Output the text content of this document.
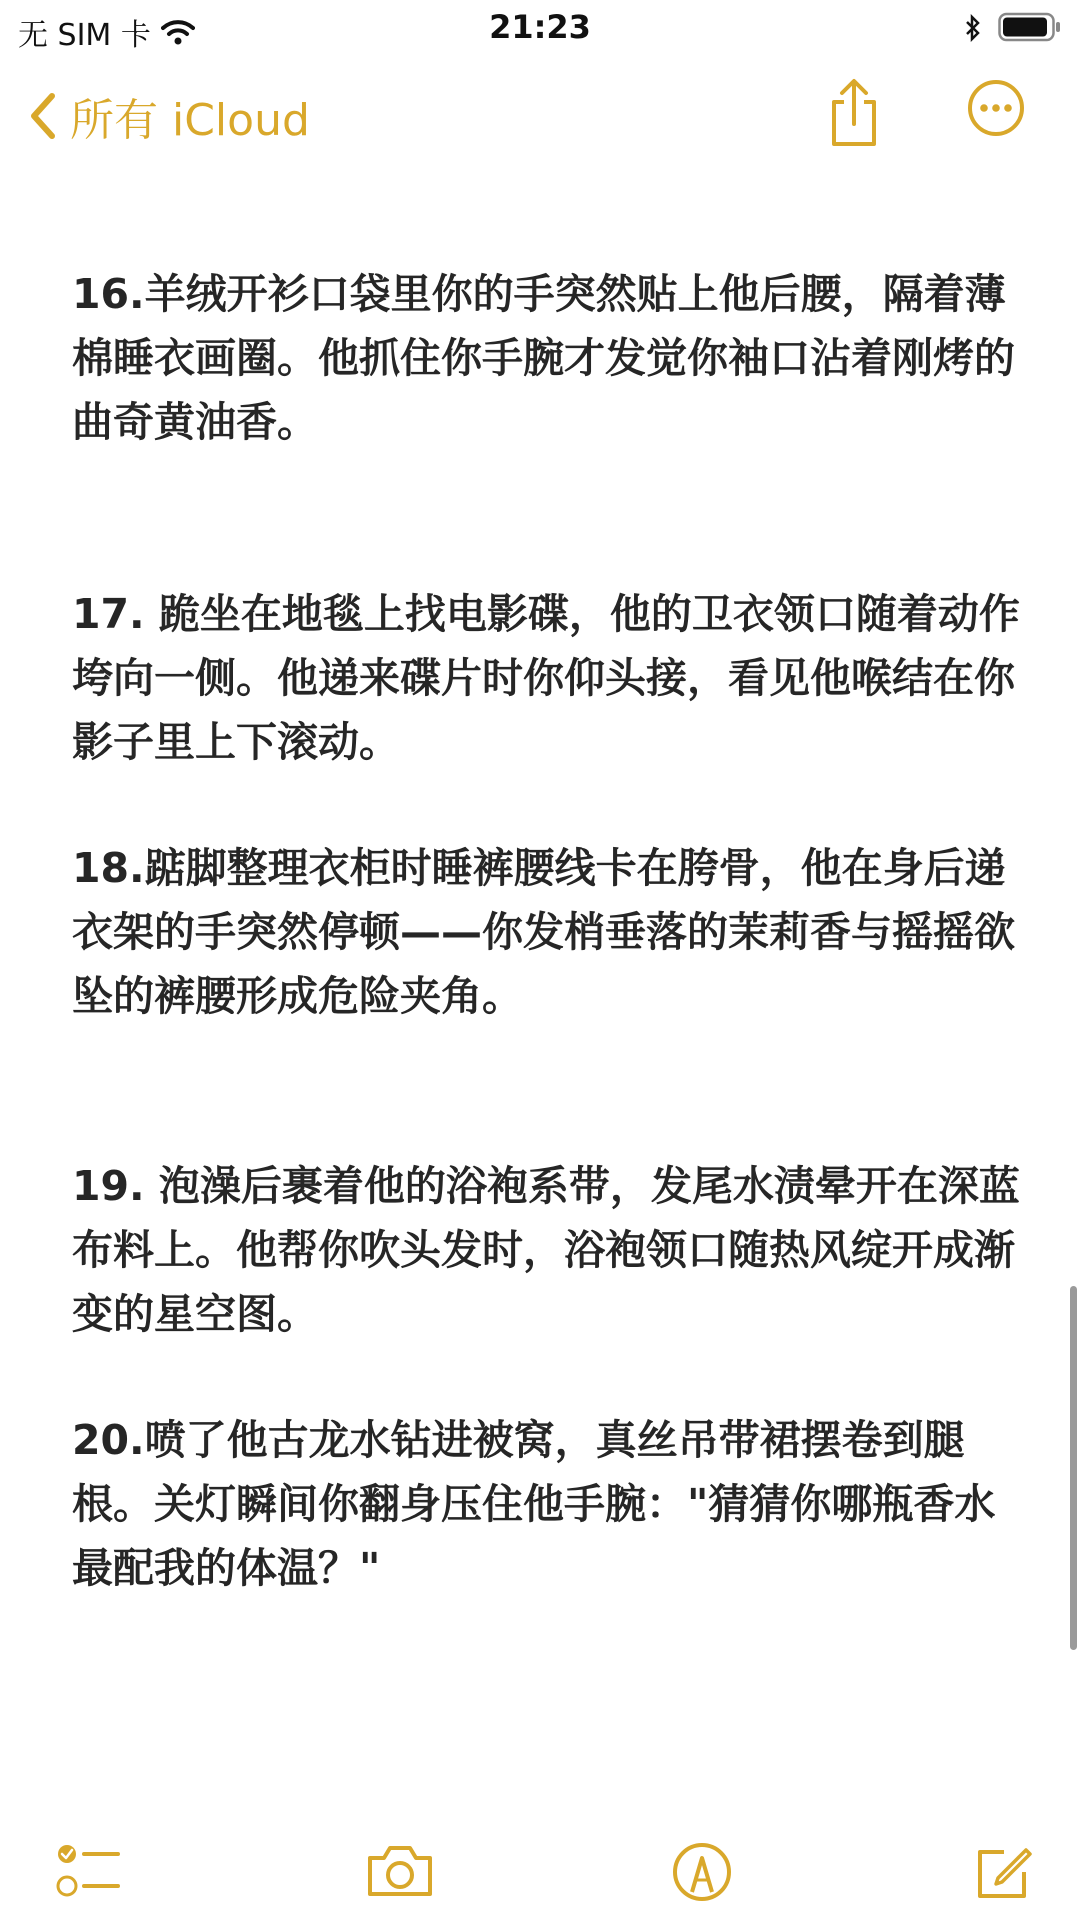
无 SIM 卡	21:23
所有 iCloud

16.羊绒开衫口袋里你的手突然贴上他后腰，隔着薄棉睡衣画圈。他抓住你手腕才发觉你袖口沾着刚烤的曲奇黄油香。

17. 跪坐在地毯上找电影碟，他的卫衣领口随着动作垮向一侧。他递来碟片时你仰头接，看见他喉结在你影子里上下滚动。

18.踮脚整理衣柜时睡裤腰线卡在胯骨，他在身后递衣架的手突然停顿——你发梢垂落的茉莉香与摇摇欲坠的裤腰形成危险夹角。

19. 泡澡后裹着他的浴袍系带，发尾水渍晕开在深蓝布料上。他帮你吹头发时，浴袍领口随热风绽开成渐变的星空图。

20.喷了他古龙水钻进被窝，真丝吊带裙摆卷到腿根。关灯瞬间你翻身压住他手腕："猜猜你哪瓶香水最配我的体温？"
